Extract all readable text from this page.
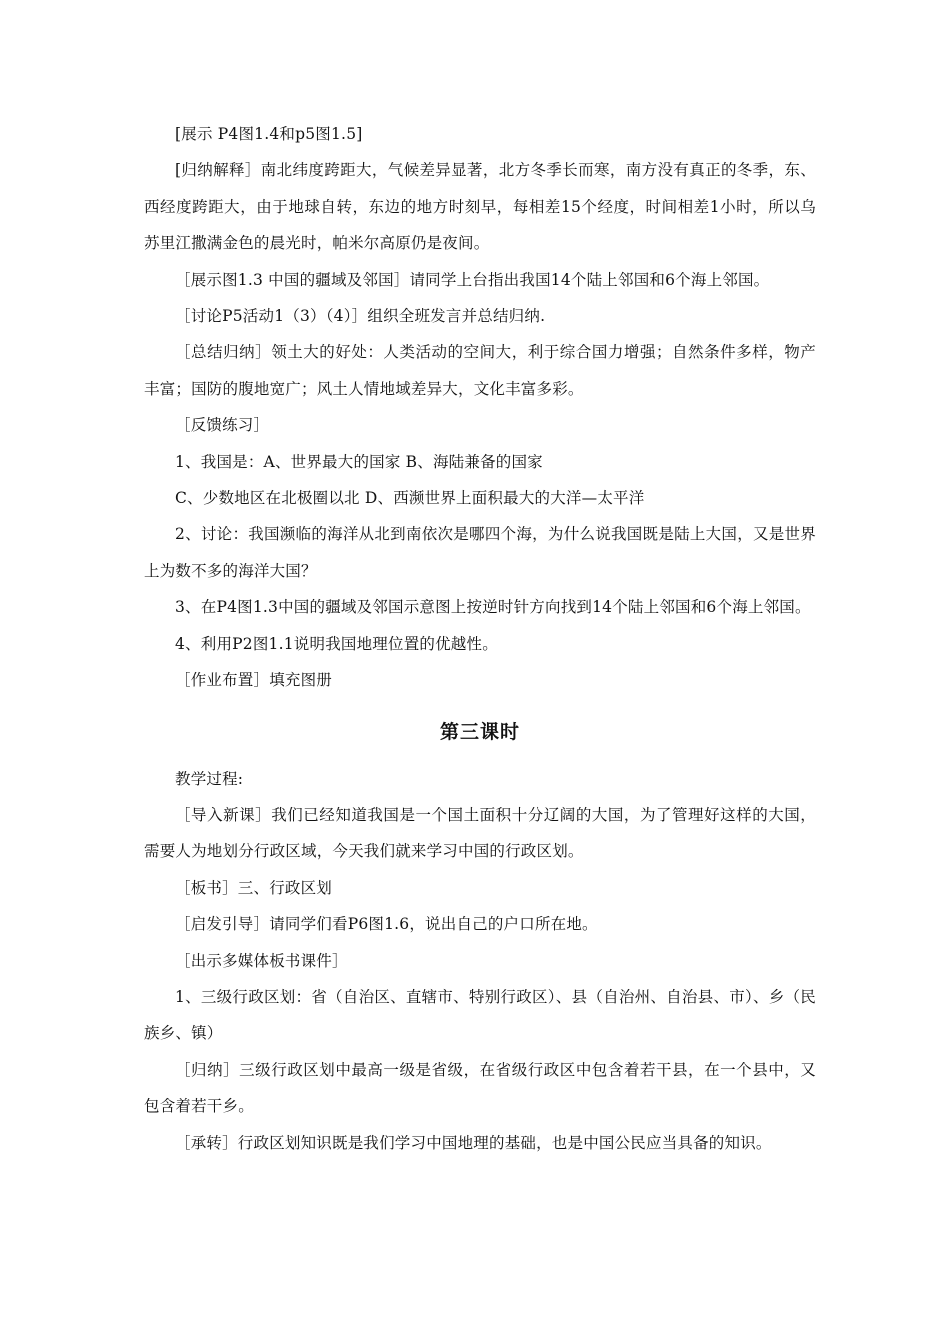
[展示 P4图1.4和p5图1.5]

[归纳解释］南北纬度跨距大，气候差异显著，北方冬季长而寒，南方没有真正的冬季，东、西经度跨距大，由于地球自转，东边的地方时刻早，每相差15个经度，时间相差1小时，所以乌苏里江撒满金色的晨光时，帕米尔高原仍是夜间。

［展示图1.3 中国的疆域及邻国］请同学上台指出我国14个陆上邻国和6个海上邻国。

［讨论P5活动1（3）（4）］组织全班发言并总结归纳.

［总结归纳］领土大的好处：人类活动的空间大，利于综合国力增强；自然条件多样，物产丰富；国防的腹地宽广；风土人情地域差异大，文化丰富多彩。

［反馈练习］

1、我国是：A、世界最大的国家 B、海陆兼备的国家

C、少数地区在北极圈以北 D、西濒世界上面积最大的大洋—太平洋

2、讨论：我国濒临的海洋从北到南依次是哪四个海，为什么说我国既是陆上大国，又是世界上为数不多的海洋大国？

3、在P4图1.3中国的疆域及邻国示意图上按逆时针方向找到14个陆上邻国和6个海上邻国。

4、利用P2图1.1说明我国地理位置的优越性。

［作业布置］填充图册

第三课时

教学过程:

［导入新课］我们已经知道我国是一个国土面积十分辽阔的大国，为了管理好这样的大国，需要人为地划分行政区域，今天我们就来学习中国的行政区划。

［板书］三、行政区划

［启发引导］请同学们看P6图1.6，说出自己的户口所在地。

［出示多媒体板书课件］

1、三级行政区划：省（自治区、直辖市、特别行政区）、县（自治州、自治县、市）、乡（民族乡、镇）

［归纳］三级行政区划中最高一级是省级，在省级行政区中包含着若干县，在一个县中，又包含着若干乡。

［承转］行政区划知识既是我们学习中国地理的基础，也是中国公民应当具备的知识。
